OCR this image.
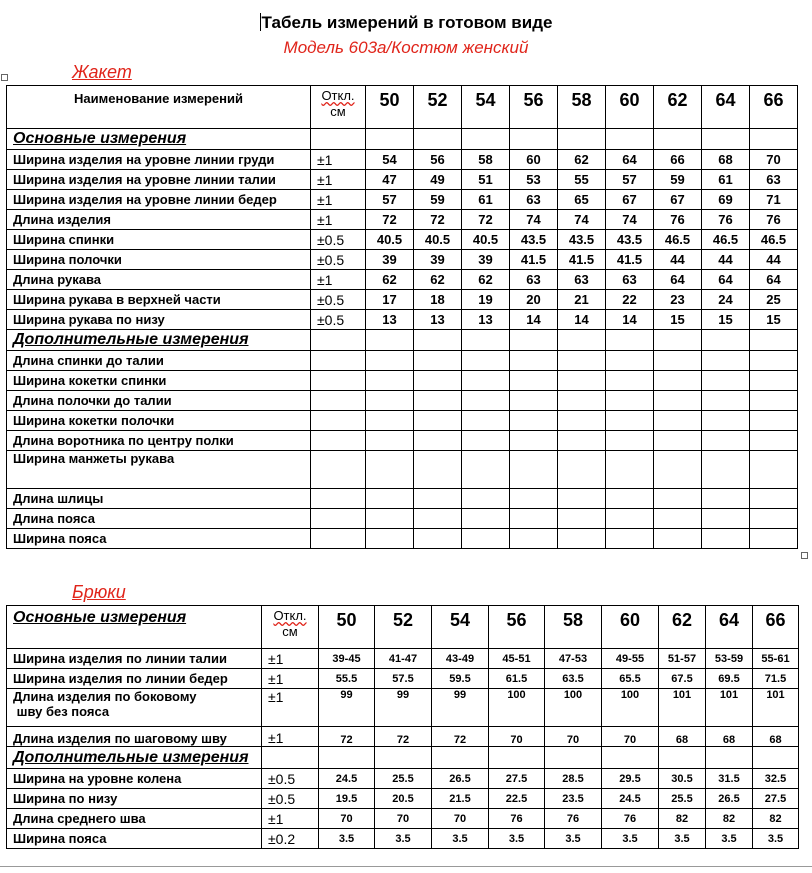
Табель измерений в готовом виде
Модель 603а/Костюм женский
Жакет
Наименование измерений	Откл.
см	50	52	54	56	58	60	62	64	66
Основные измерения										
Ширина изделия на уровне линии груди	±1	54	56	58	60	62	64	66	68	70
Ширина изделия на уровне линии талии	±1	47	49	51	53	55	57	59	61	63
Ширина изделия на уровне линии бедер	±1	57	59	61	63	65	67	67	69	71
Длина изделия	±1	72	72	72	74	74	74	76	76	76
Ширина спинки	±0.5	40.5	40.5	40.5	43.5	43.5	43.5	46.5	46.5	46.5
Ширина полочки	±0.5	39	39	39	41.5	41.5	41.5	44	44	44
Длина рукава	±1	62	62	62	63	63	63	64	64	64
Ширина рукава в верхней части	±0.5	17	18	19	20	21	22	23	24	25
Ширина рукава по низу	±0.5	13	13	13	14	14	14	15	15	15
Дополнительные измерения										
Длина спинки до талии										
Ширина кокетки спинки										
Длина полочки до талии										
Ширина кокетки полочки										
Длина воротника по центру полки										
Ширина манжеты рукава										
Длина шлицы										
Длина пояса										
Ширина пояса										
Брюки
Основные измерения	Откл.
см	50	52	54	56	58	60	62	64	66
Ширина изделия по линии талии	±1	39-45	41-47	43-49	45-51	47-53	49-55	51-57	53-59	55-61
Ширина изделия по линии бедер	±1	55.5	57.5	59.5	61.5	63.5	65.5	67.5	69.5	71.5
Длина изделия по боковому
шву без пояса	±1	99	99	99	100	100	100	101	101	101
Длина изделия по шаговому шву	±1	72	72	72	70	70	70	68	68	68
Дополнительные измерения										
Ширина на уровне колена	±0.5	24.5	25.5	26.5	27.5	28.5	29.5	30.5	31.5	32.5
Ширина по низу	±0.5	19.5	20.5	21.5	22.5	23.5	24.5	25.5	26.5	27.5
Длина среднего шва	±1	70	70	70	76	76	76	82	82	82
Ширина пояса	±0.2	3.5	3.5	3.5	3.5	3.5	3.5	3.5	3.5	3.5
